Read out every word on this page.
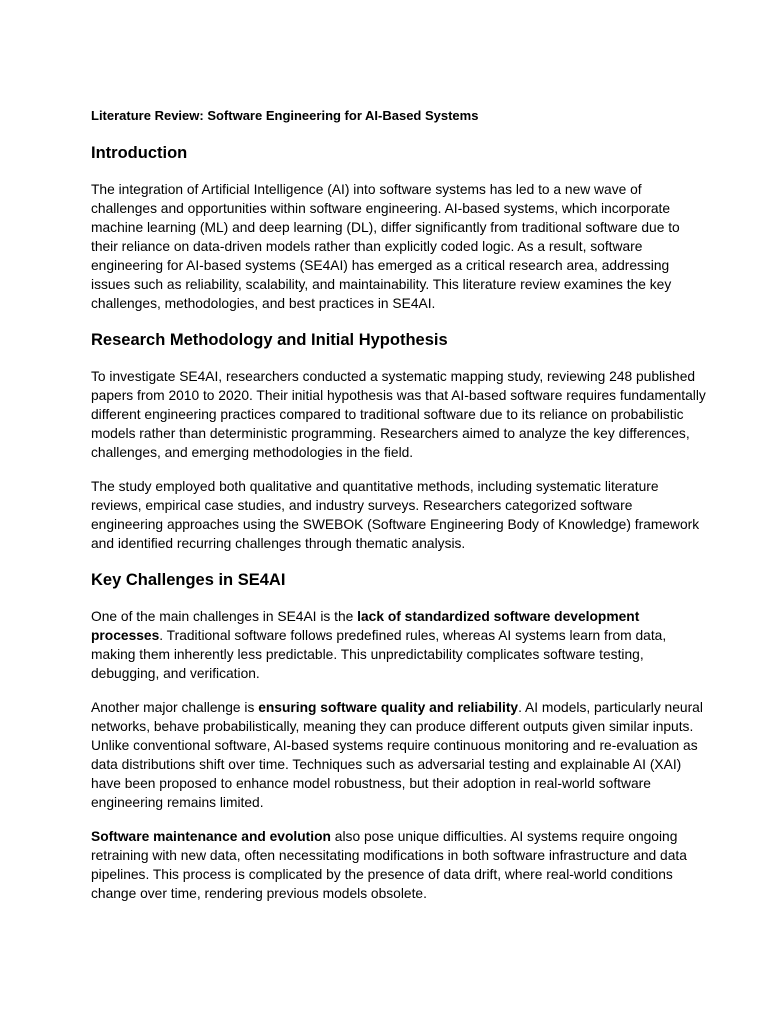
Literature Review: Software Engineering for AI-Based Systems
Introduction

The integration of Artificial Intelligence (AI) into software systems has led to a new wave of challenges and opportunities within software engineering. AI-based systems, which incorporate machine learning (ML) and deep learning (DL), differ significantly from traditional software due to their reliance on data-driven models rather than explicitly coded logic. As a result, software engineering for AI-based systems (SE4AI) has emerged as a critical research area, addressing issues such as reliability, scalability, and maintainability. This literature review examines the key challenges, methodologies, and best practices in SE4AI.

Research Methodology and Initial Hypothesis

To investigate SE4AI, researchers conducted a systematic mapping study, reviewing 248 published papers from 2010 to 2020. Their initial hypothesis was that AI-based software requires fundamentally different engineering practices compared to traditional software due to its reliance on probabilistic models rather than deterministic programming. Researchers aimed to analyze the key differences, challenges, and emerging methodologies in the field.

The study employed both qualitative and quantitative methods, including systematic literature reviews, empirical case studies, and industry surveys. Researchers categorized software engineering approaches using the SWEBOK (Software Engineering Body of Knowledge) framework and identified recurring challenges through thematic analysis.

Key Challenges in SE4AI

One of the main challenges in SE4AI is the lack of standardized software development processes. Traditional software follows predefined rules, whereas AI systems learn from data, making them inherently less predictable. This unpredictability complicates software testing, debugging, and verification.

Another major challenge is ensuring software quality and reliability. AI models, particularly neural networks, behave probabilistically, meaning they can produce different outputs given similar inputs. Unlike conventional software, AI-based systems require continuous monitoring and re-evaluation as data distributions shift over time. Techniques such as adversarial testing and explainable AI (XAI) have been proposed to enhance model robustness, but their adoption in real-world software engineering remains limited.

Software maintenance and evolution also pose unique difficulties. AI systems require ongoing retraining with new data, often necessitating modifications in both software infrastructure and data pipelines. This process is complicated by the presence of data drift, where real-world conditions change over time, rendering previous models obsolete.
